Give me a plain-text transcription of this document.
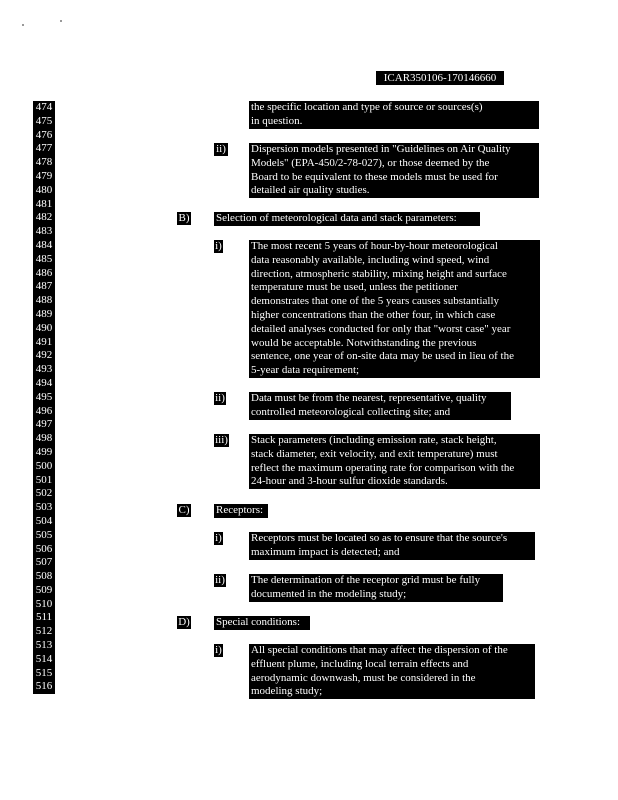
ICAR350106-170146660
474
475
476
477
478
479
480
481
482
483
484
485
486
487
488
489
490
491
492
493
494
495
496
497
498
499
500
501
502
503
504
505
506
507
508
509
510
511
512
513
514
515
516
the specific location and type of source or sources(s)
in question.
ii) Dispersion models presented in "Guidelines on Air Quality
Models" (EPA-450/2-78-027), or those deemed by the
Board to be equivalent to these models must be used for
detailed air quality studies.
B) Selection of meteorological data and stack parameters:
i)	The most recent 5 years of hour-by-hour meteorological
data reasonably available, including wind speed, wind
direction, atmospheric stability, mixing height and surface
temperature must be used, unless the petitioner
demonstrates that one of the 5 years causes substantially
higher concentrations than the other four, in which case
detailed analyses conducted for only that "worst case" year
would be acceptable. Notwithstanding the previous
sentence, one year of on-site data may be used in lieu of the
5-year data requirement;
ii) Data must be from the nearest, representative, quality
controlled meteorological collecting site; and
iii) Stack parameters (including emission rate, stack height,
stack diameter, exit velocity, and exit temperature) must
reflect the maximum operating rate for comparison with the
24-hour and 3-hour sulfur dioxide standards.
C) Receptors:
i)	Receptors must be located so as to ensure that the source's
maximum impact is detected; and
ii) The determination of the receptor grid must be fully
documented in the modeling study;
D) Special conditions:
i)	All special conditions that may affect the dispersion of the
effluent plume, including local terrain effects and
aerodynamic downwash, must be considered in the
modeling study;
